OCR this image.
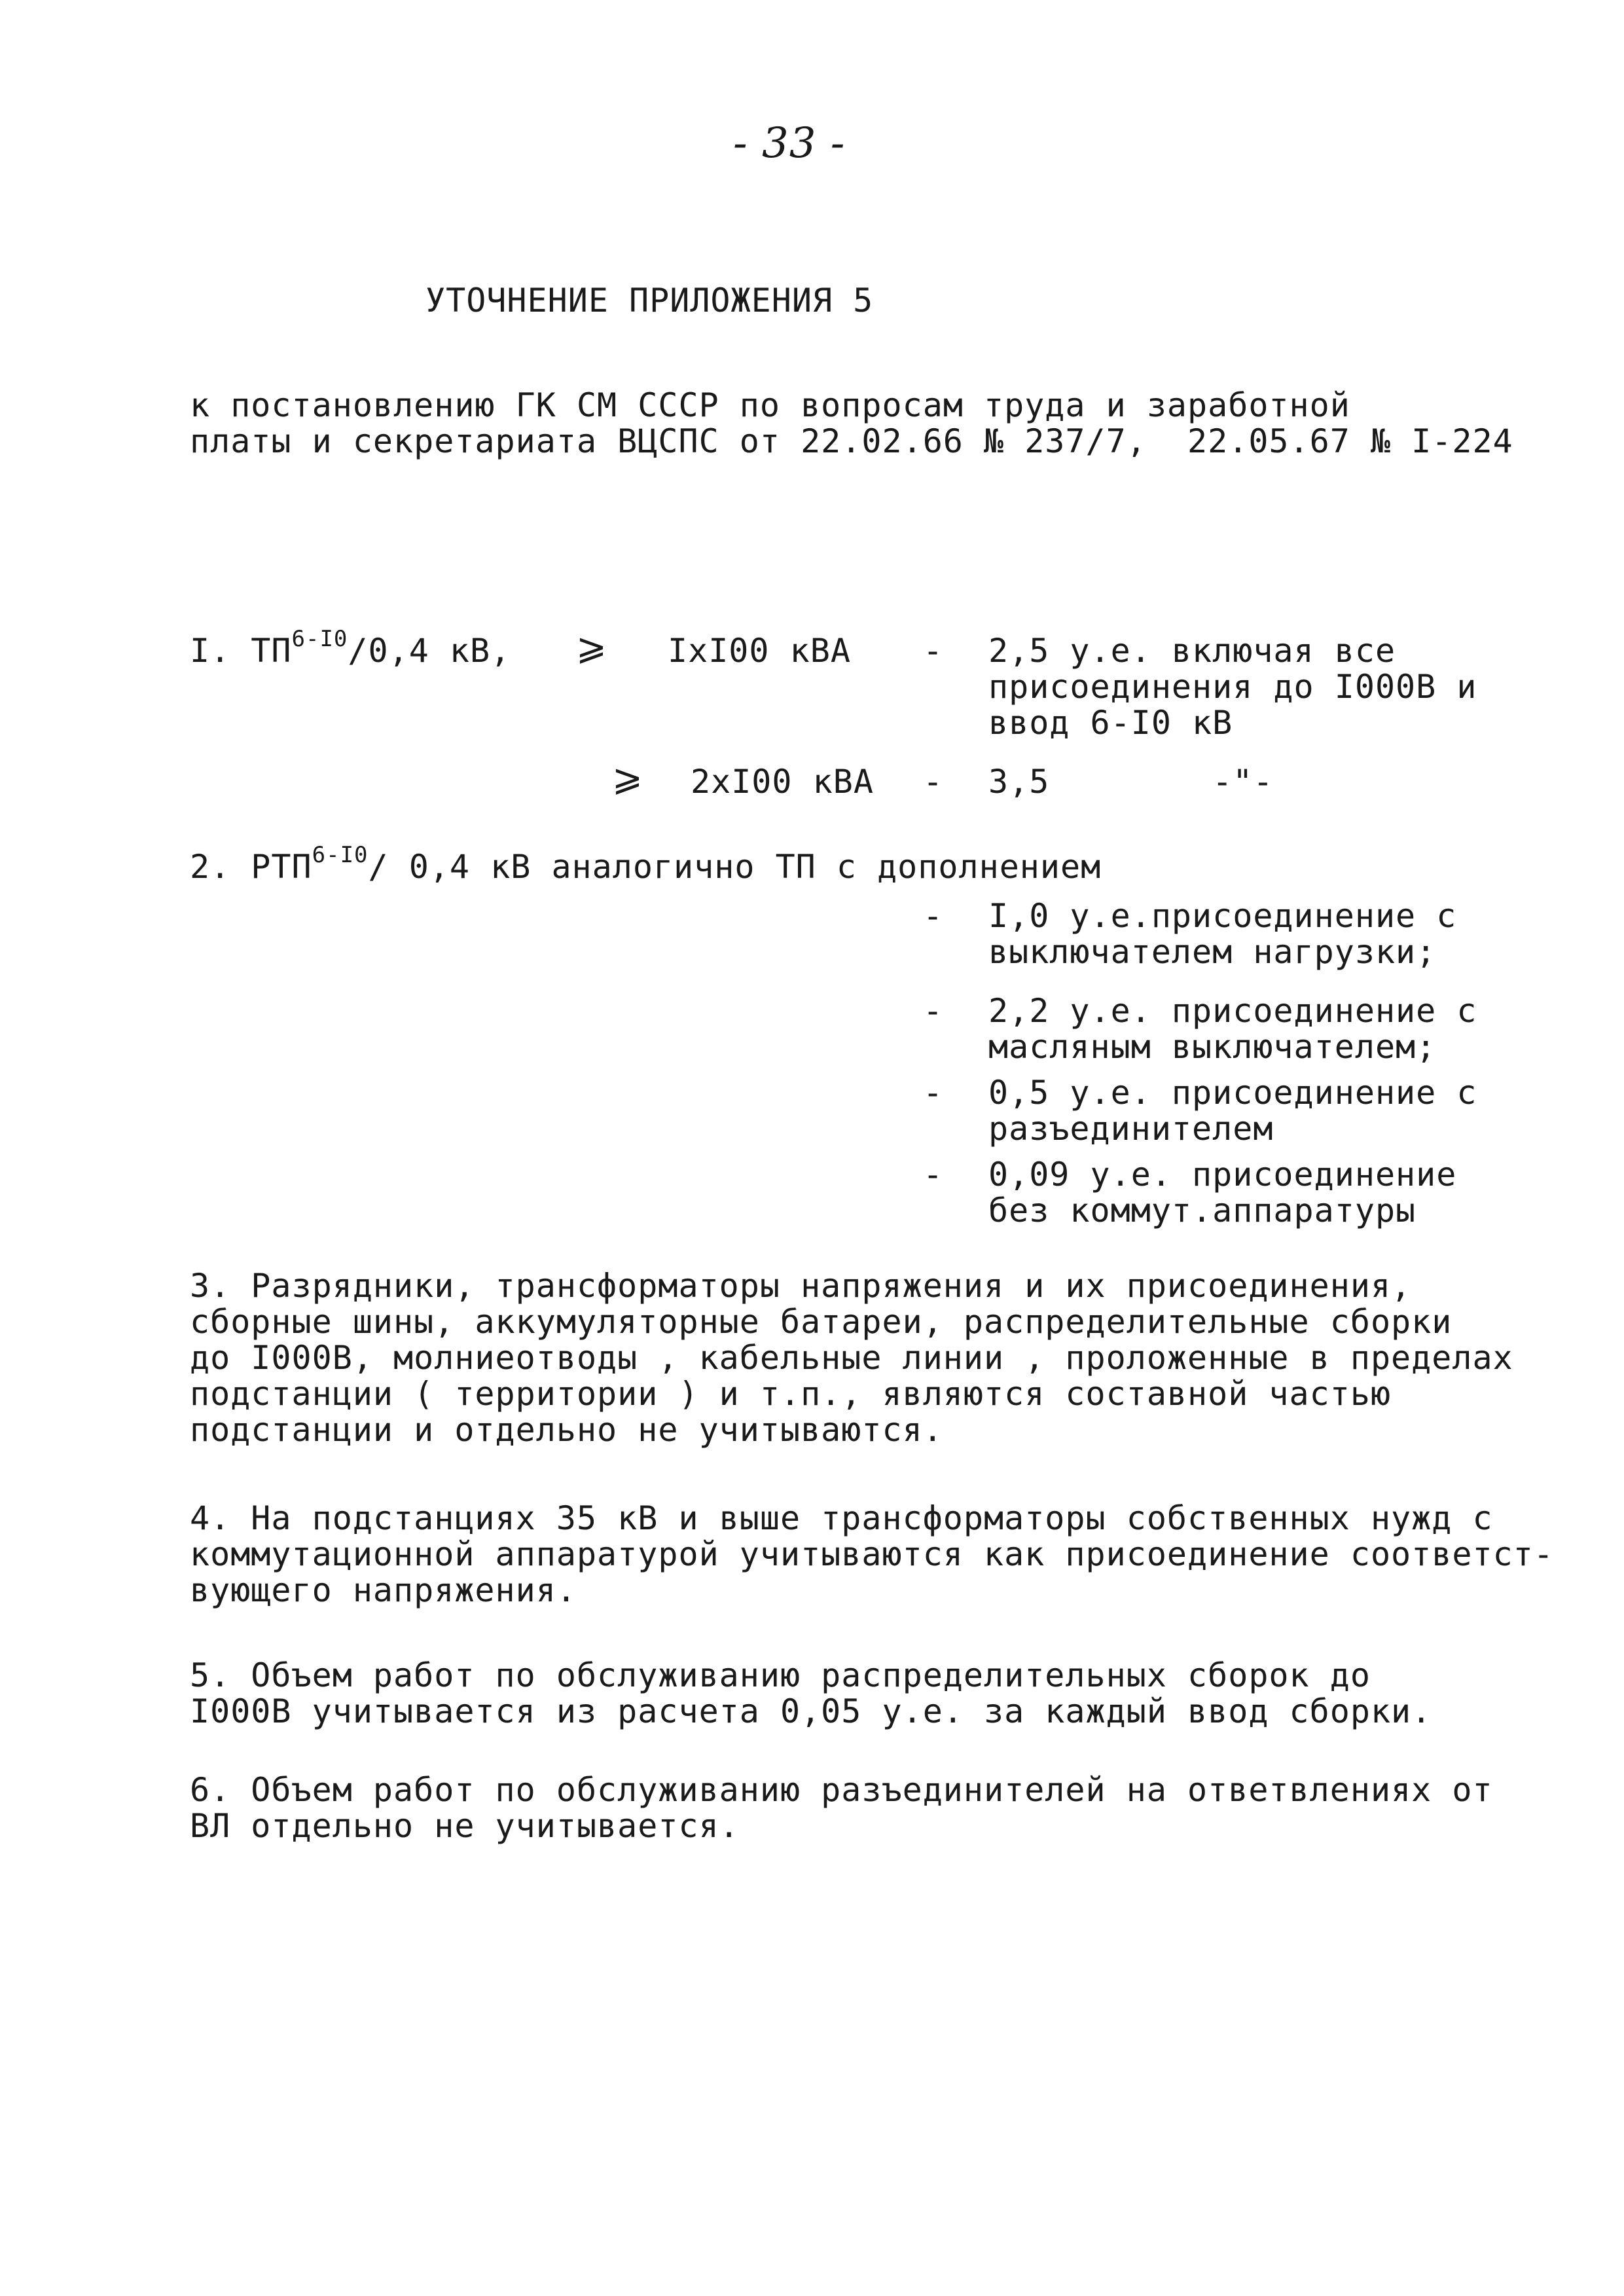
- 33 -
УТОЧНЕНИЕ ПРИЛОЖЕНИЯ 5
к постановлению ГК СМ СССР по вопросам труда и заработной
платы и секретариата ВЦСПС от 22.02.66 № 237/7,  22.05.67 № I-224
I. $ТП^{6-I0}/0,4$ кВ, ⩾ IxI00 кВА - 2,5 у.е. включая все
присоединения до I000В и
ввод 6-I0 кВ
⩾ 2xI00 кВА - 3,5        -"-
2. $РТП^{6-I0}/$ 0,4 кВ аналогично ТП с дополнением
- I,0 у.е.присоединение с
выключателем нагрузки;
- 2,2 у.е. присоединение с
масляным выключателем;
- 0,5 у.е. присоединение с
разъединителем
- 0,09 у.е. присоединение
без коммут.аппаратуры
3. Разрядники, трансформаторы напряжения и их присоединения,
сборные шины, аккумуляторные батареи, распределительные сборки
до I000В, молниеотводы , кабельные линии , проложенные в пределах
подстанции ( территории ) и т.п., являются составной частью
подстанции и отдельно не учитываются.
4. На подстанциях 35 кВ и выше трансформаторы собственных нужд с
коммутационной аппаратурой учитываются как присоединение соответст-
вующего напряжения.
5. Объем работ по обслуживанию распределительных сборок до
I000В учитывается из расчета 0,05 у.е. за каждый ввод сборки.
6. Объем работ по обслуживанию разъединителей на ответвлениях от
ВЛ отдельно не учитывается.
